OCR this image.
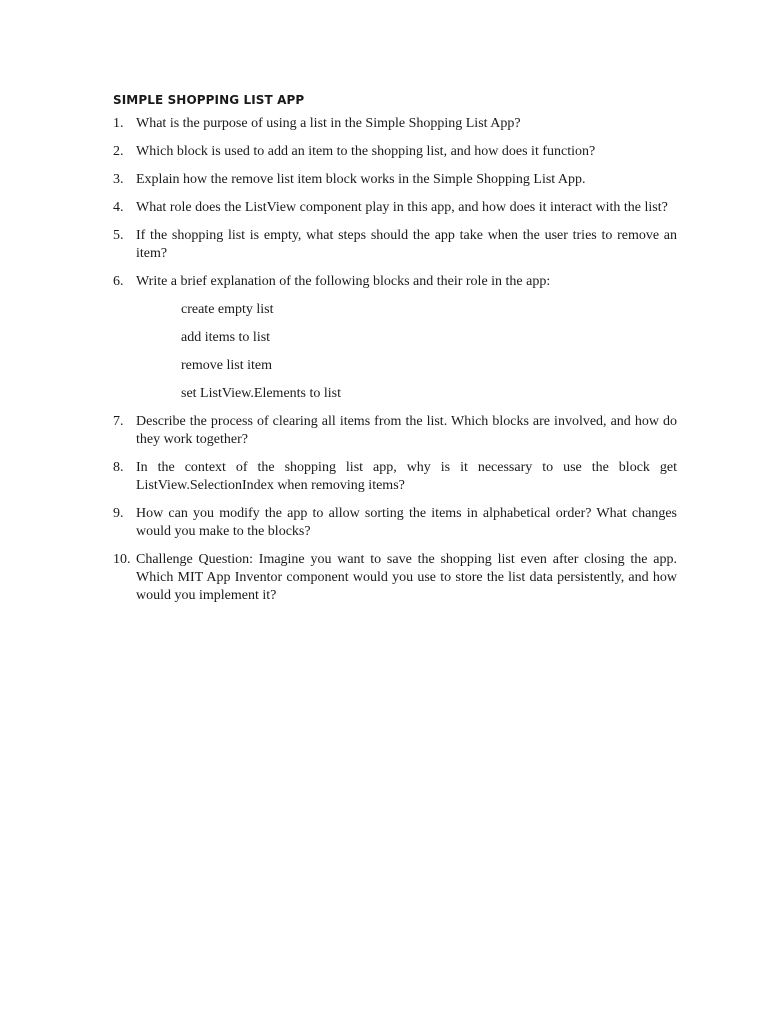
SIMPLE SHOPPING LIST APP
1. What is the purpose of using a list in the Simple Shopping List App?
2. Which block is used to add an item to the shopping list, and how does it function?
3. Explain how the remove list item block works in the Simple Shopping List App.
4. What role does the ListView component play in this app, and how does it interact with the list?
5. If the shopping list is empty, what steps should the app take when the user tries to remove an item?
6. Write a brief explanation of the following blocks and their role in the app:
create empty list
add items to list
remove list item
set ListView.Elements to list
7. Describe the process of clearing all items from the list. Which blocks are involved, and how do they work together?
8. In the context of the shopping list app, why is it necessary to use the block get ListView.SelectionIndex when removing items?
9. How can you modify the app to allow sorting the items in alphabetical order? What changes would you make to the blocks?
10. Challenge Question: Imagine you want to save the shopping list even after closing the app. Which MIT App Inventor component would you use to store the list data persistently, and how would you implement it?
